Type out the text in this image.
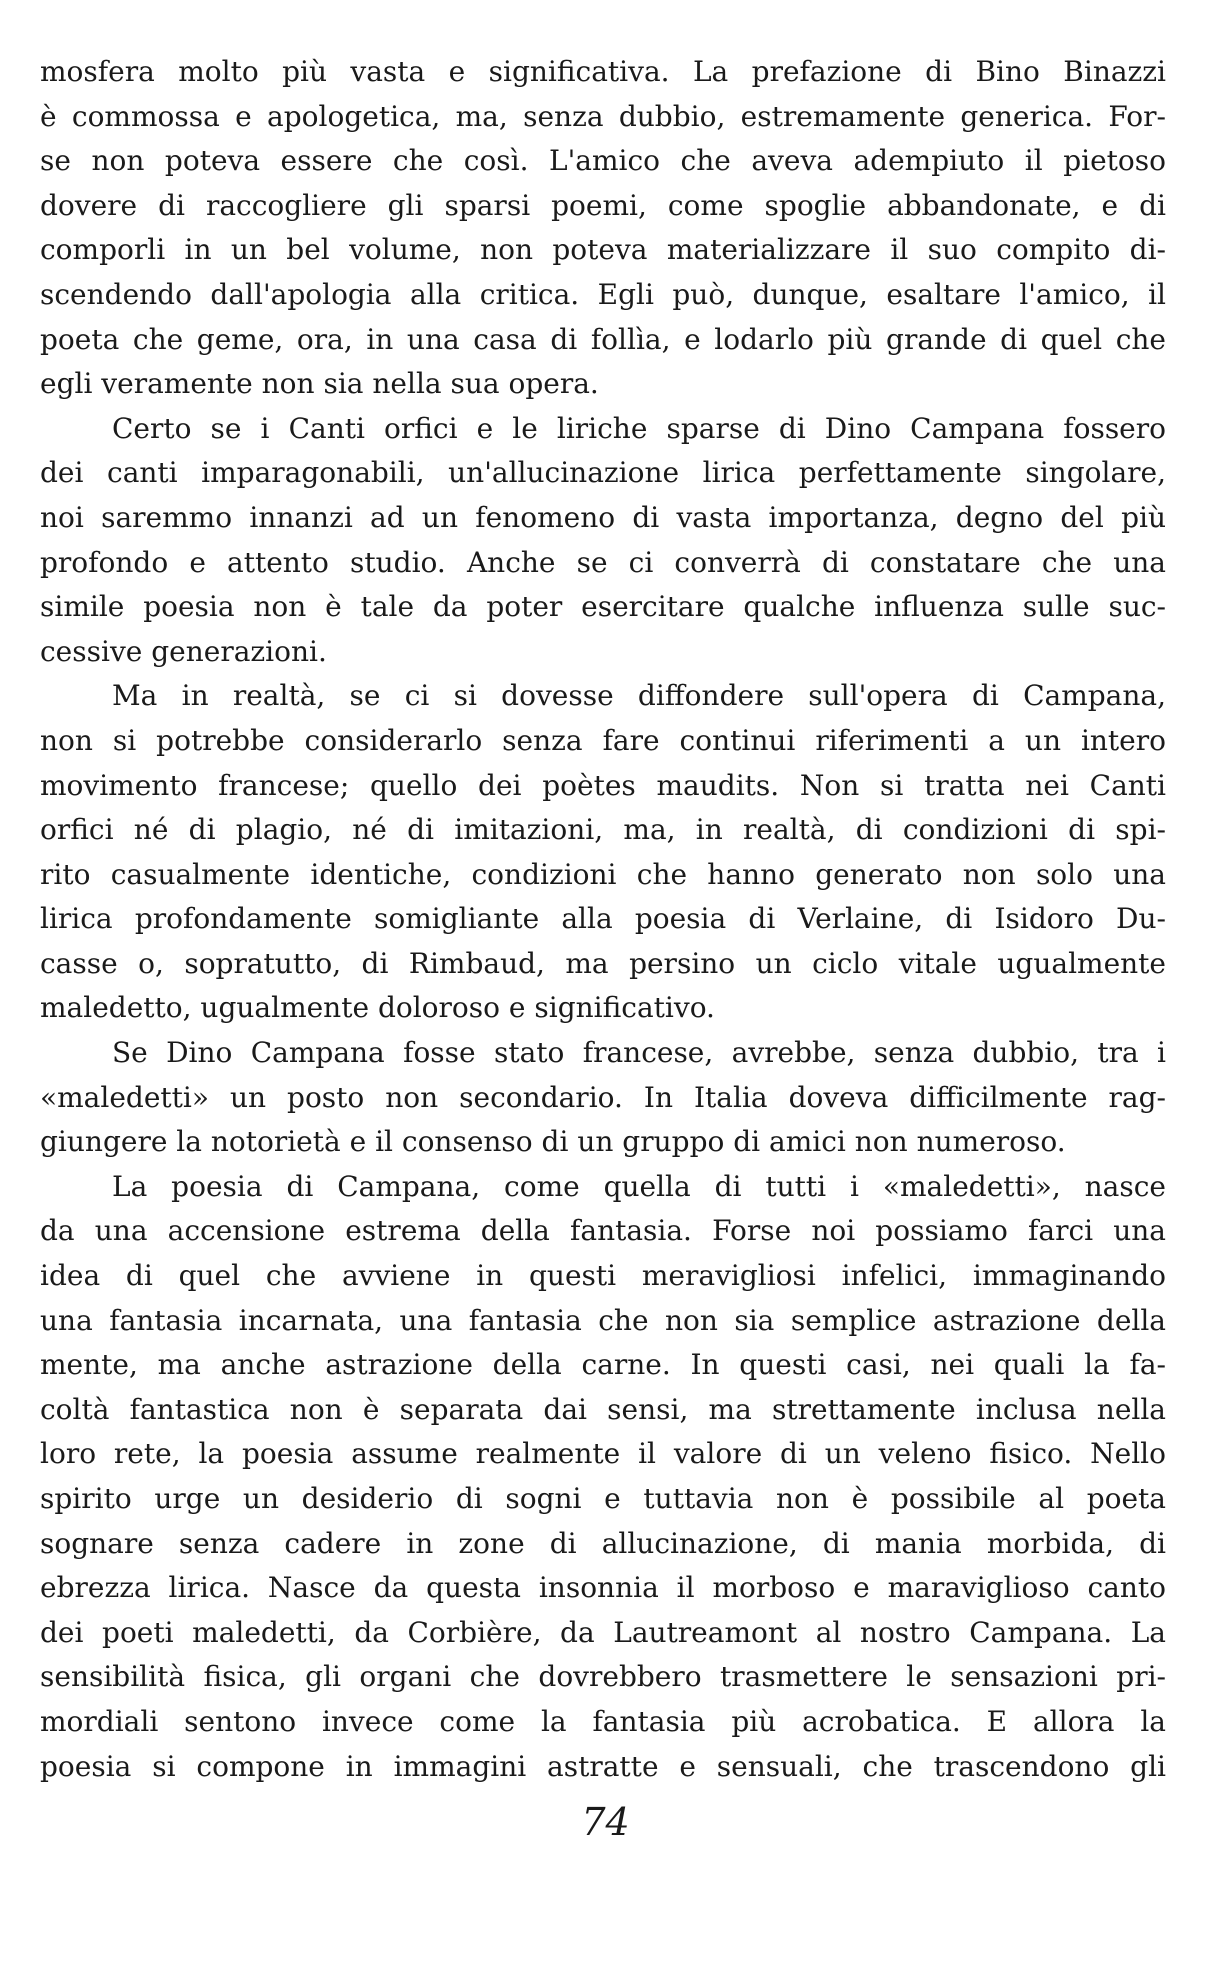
mosfera molto più vasta e significativa. La prefazione di Bino Binazzi
è commossa e apologetica, ma, senza dubbio, estremamente generica. For-
se non poteva essere che così. L'amico che aveva adempiuto il pietoso
dovere di raccogliere gli sparsi poemi, come spoglie abbandonate, e di
comporli in un bel volume, non poteva materializzare il suo compito di-
scendendo dall'apologia alla critica. Egli può, dunque, esaltare l'amico, il
poeta che geme, ora, in una casa di follìa, e lodarlo più grande di quel che
egli veramente non sia nella sua opera.

Certo se i Canti orfici e le liriche sparse di Dino Campana fossero
dei canti imparagonabili, un'allucinazione lirica perfettamente singolare,
noi saremmo innanzi ad un fenomeno di vasta importanza, degno del più
profondo e attento studio. Anche se ci converrà di constatare che una
simile poesia non è tale da poter esercitare qualche influenza sulle suc-
cessive generazioni.

Ma in realtà, se ci si dovesse diffondere sull'opera di Campana,
non si potrebbe considerarlo senza fare continui riferimenti a un intero
movimento francese; quello dei poètes maudits. Non si tratta nei Canti
orfici né di plagio, né di imitazioni, ma, in realtà, di condizioni di spi-
rito casualmente identiche, condizioni che hanno generato non solo una
lirica profondamente somigliante alla poesia di Verlaine, di Isidoro Du-
casse o, sopratutto, di Rimbaud, ma persino un ciclo vitale ugualmente
maledetto, ugualmente doloroso e significativo.

Se Dino Campana fosse stato francese, avrebbe, senza dubbio, tra i
«maledetti» un posto non secondario. In Italia doveva difficilmente rag-
giungere la notorietà e il consenso di un gruppo di amici non numeroso.

La poesia di Campana, come quella di tutti i «maledetti», nasce
da una accensione estrema della fantasia. Forse noi possiamo farci una
idea di quel che avviene in questi meravigliosi infelici, immaginando
una fantasia incarnata, una fantasia che non sia semplice astrazione della
mente, ma anche astrazione della carne. In questi casi, nei quali la fa-
coltà fantastica non è separata dai sensi, ma strettamente inclusa nella
loro rete, la poesia assume realmente il valore di un veleno fisico. Nello
spirito urge un desiderio di sogni e tuttavia non è possibile al poeta
sognare senza cadere in zone di allucinazione, di mania morbida, di
ebrezza lirica. Nasce da questa insonnia il morboso e maraviglioso canto
dei poeti maledetti, da Corbière, da Lautreamont al nostro Campana. La
sensibilità fisica, gli organi che dovrebbero trasmettere le sensazioni pri-
mordiali sentono invece come la fantasia più acrobatica. E allora la
poesia si compone in immagini astratte e sensuali, che trascendono gli

74
